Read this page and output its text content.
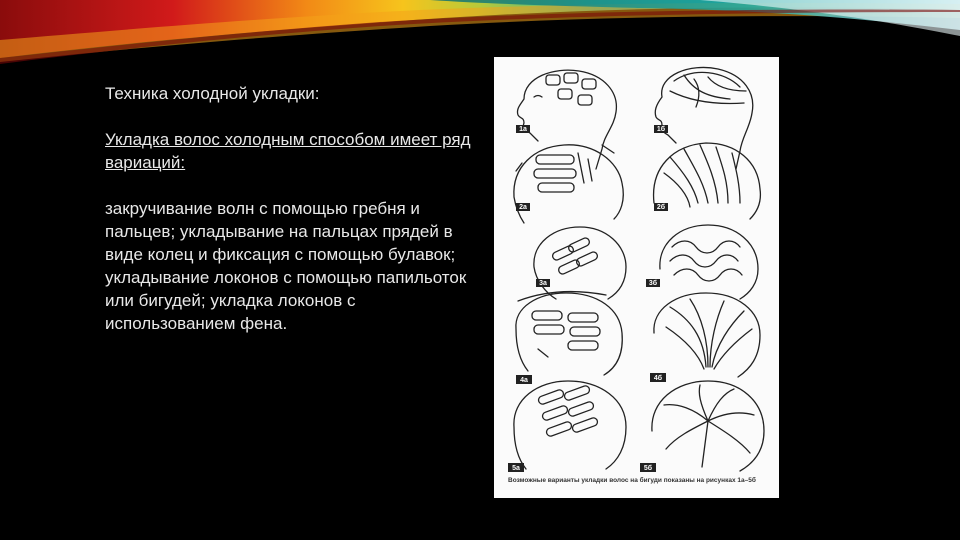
Техника холодной укладки:

Укладка волос холодным способом имеет ряд вариаций:

закручивание волн с помощью гребня и пальцев; укладывание на пальцах прядей в виде колец и фиксация с помощью булавок; укладывание локонов с помощью папильоток или бигудей; укладка локонов с использованием фена.

1а	1б
2а	2б
3а	3б
4а	4б
5а	5б
Возможные варианты укладки волос на бигуди показаны на рисунках 1а–5б
